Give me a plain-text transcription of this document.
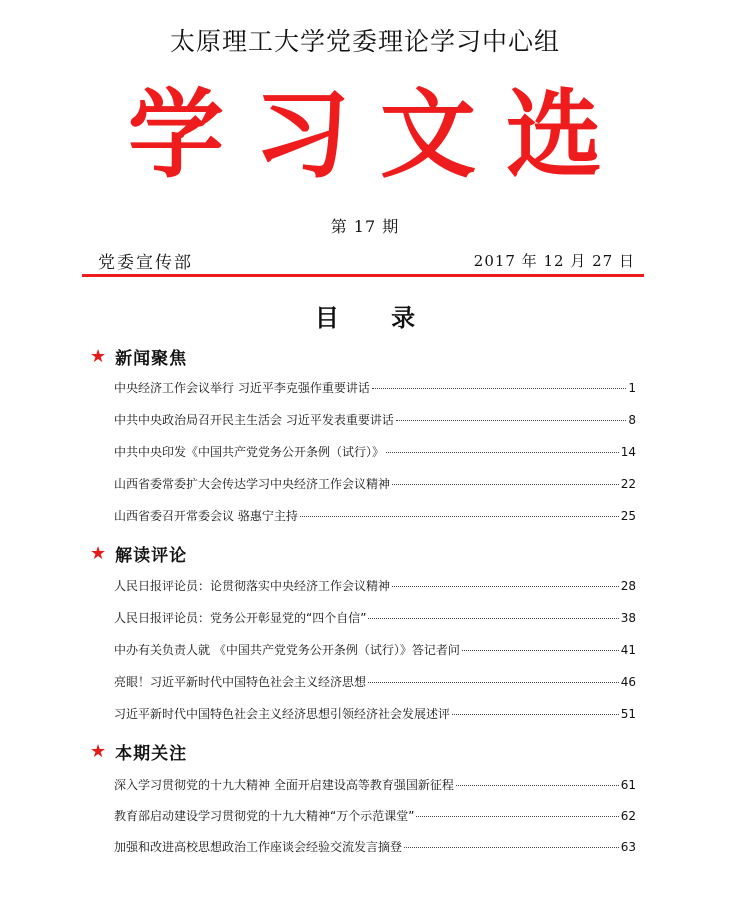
太原理工大学党委理论学习中心组
学习文选
第 17 期
党委宣传部	2017 年 12 月 27 日
目 录
★ 新闻聚焦
中央经济工作会议举行 习近平李克强作重要讲话	1
中共中央政治局召开民主生活会 习近平发表重要讲话	8
中共中央印发《中国共产党党务公开条例（试行）》	14
山西省委常委扩大会传达学习中央经济工作会议精神	22
山西省委召开常委会议 骆惠宁主持	25
★ 解读评论
人民日报评论员：论贯彻落实中央经济工作会议精神	28
人民日报评论员：党务公开彰显党的“四个自信”	38
中办有关负责人就 《中国共产党党务公开条例（试行）》答记者问	41
亮眼！习近平新时代中国特色社会主义经济思想	46
习近平新时代中国特色社会主义经济思想引领经济社会发展述评	51
★ 本期关注
深入学习贯彻党的十九大精神 全面开启建设高等教育强国新征程	61
教育部启动建设学习贯彻党的十九大精神“万个示范课堂”	62
加强和改进高校思想政治工作座谈会经验交流发言摘登	63
